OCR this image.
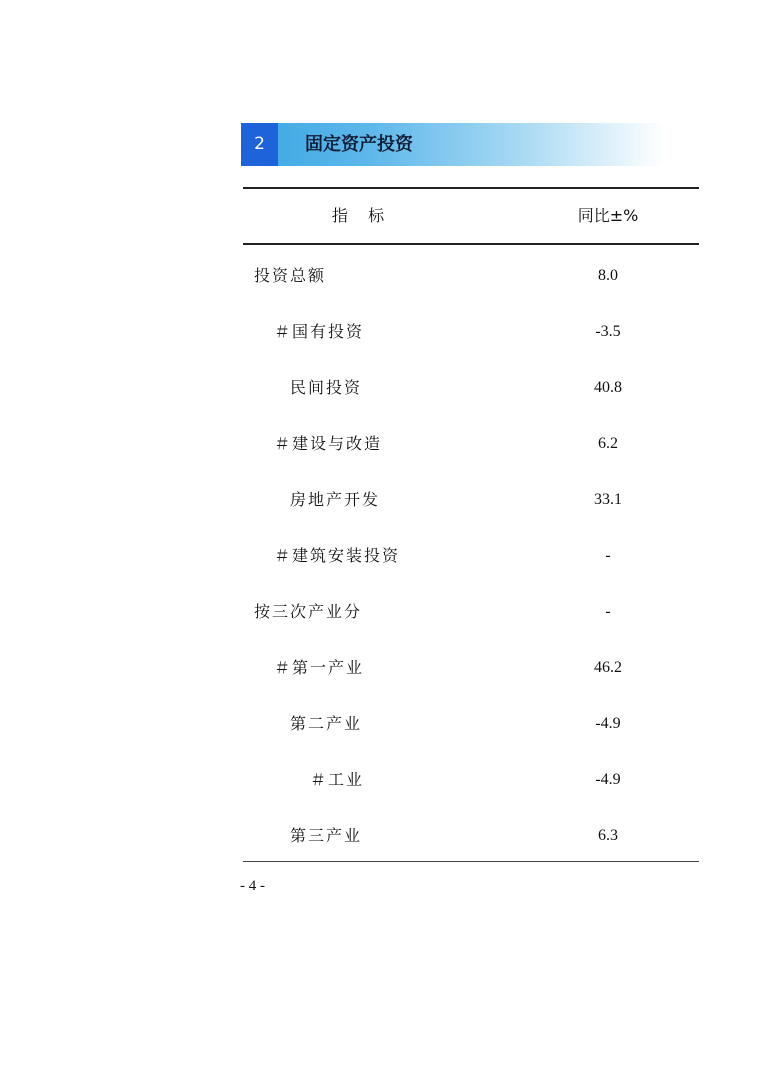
2	固定资产投资
指    标	同比±%
投资总额	8.0
＃国有投资	-3.5
民间投资	40.8
＃建设与改造	6.2
房地产开发	33.1
＃建筑安装投资	-
按三次产业分	-
＃第一产业	46.2
第二产业	-4.9
＃工业	-4.9
第三产业	6.3
- 4 -
